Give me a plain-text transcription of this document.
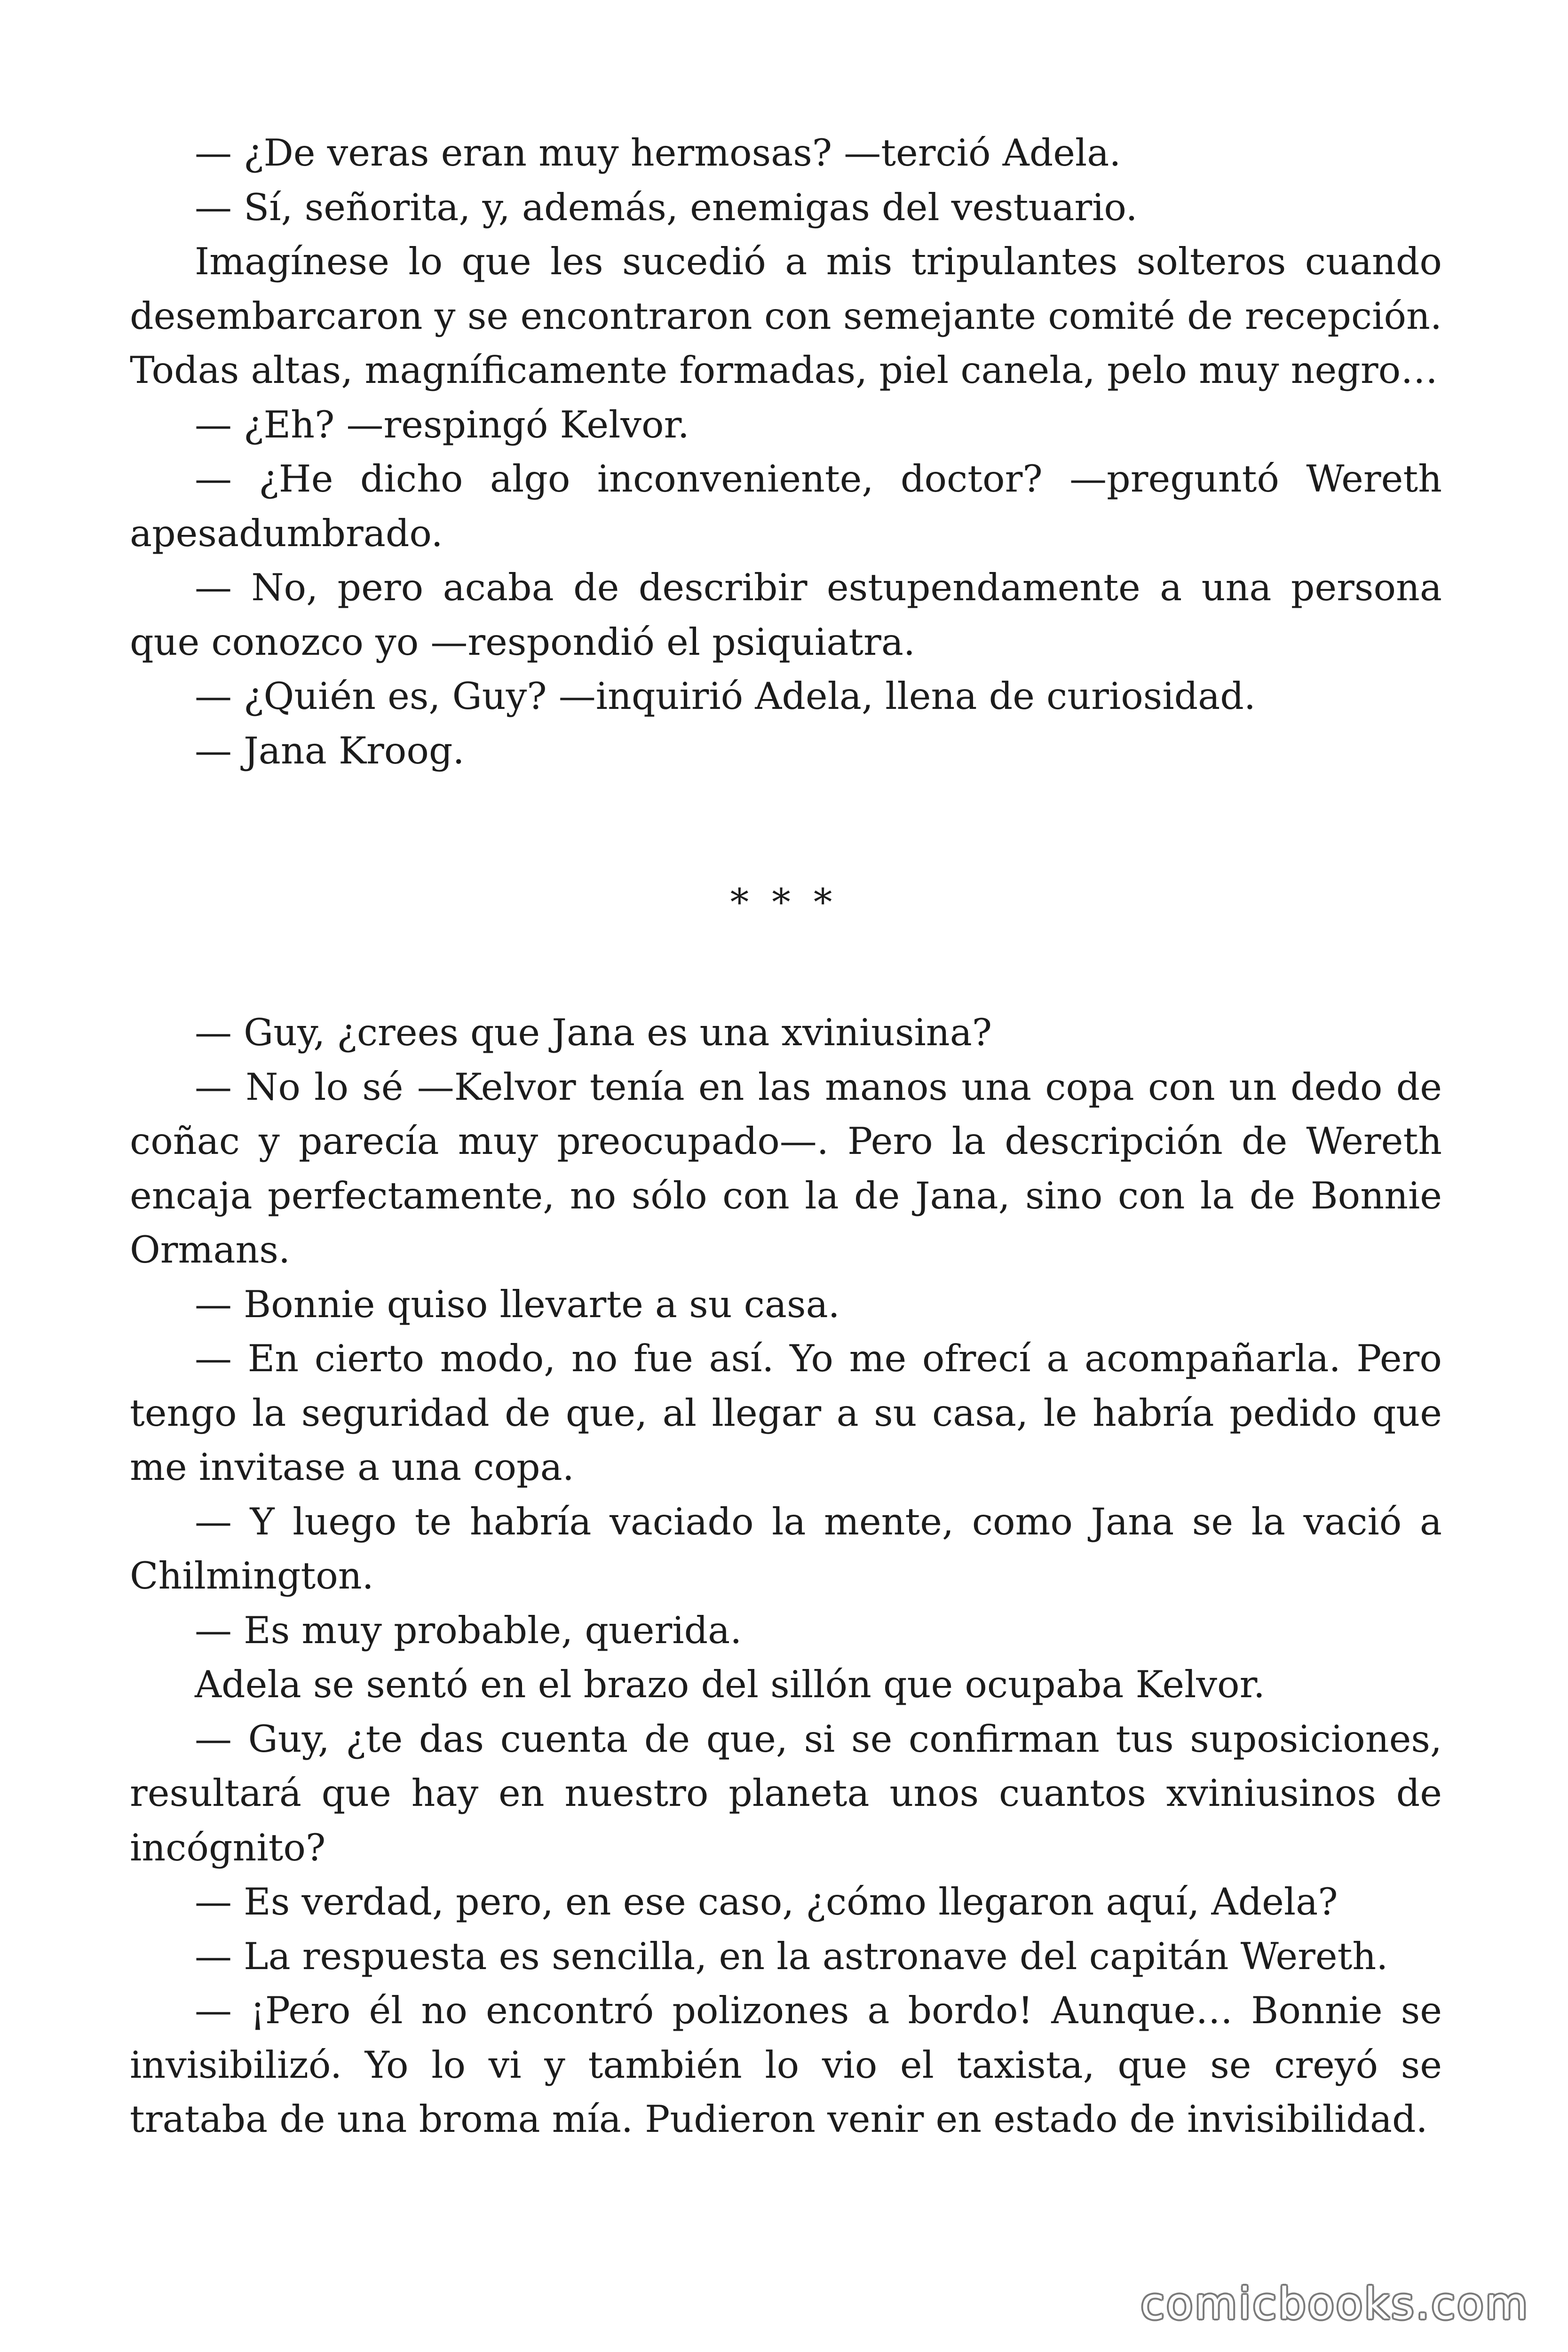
— ¿De veras eran muy hermosas? —terció Adela.

— Sí, señorita, y, además, enemigas del vestuario.

Imagínese lo que les sucedió a mis tripulantes solteros cuando desembarcaron y se encontraron con semejante comité de recepción. Todas altas, magníficamente formadas, piel canela, pelo muy negro…

— ¿Eh? —respingó Kelvor.

— ¿He dicho algo inconveniente, doctor? —preguntó Wereth apesadumbrado.

— No, pero acaba de describir estupendamente a una persona que conozco yo —respondió el psiquiatra.

— ¿Quién es, Guy? —inquirió Adela, llena de curiosidad.

— Jana Kroog.

* * *

— Guy, ¿crees que Jana es una xviniusina?

— No lo sé —Kelvor tenía en las manos una copa con un dedo de coñac y parecía muy preocupado—. Pero la descripción de Wereth encaja perfectamente, no sólo con la de Jana, sino con la de Bonnie Ormans.

— Bonnie quiso llevarte a su casa.

— En cierto modo, no fue así. Yo me ofrecí a acompañarla. Pero tengo la seguridad de que, al llegar a su casa, le habría pedido que me invitase a una copa.

— Y luego te habría vaciado la mente, como Jana se la vació a Chilmington.

— Es muy probable, querida.

Adela se sentó en el brazo del sillón que ocupaba Kelvor.

— Guy, ¿te das cuenta de que, si se confirman tus suposiciones, resultará que hay en nuestro planeta unos cuantos xviniusinos de incógnito?

— Es verdad, pero, en ese caso, ¿cómo llegaron aquí, Adela?

— La respuesta es sencilla, en la astronave del capitán Wereth.

— ¡Pero él no encontró polizones a bordo! Aunque… Bonnie se invisibilizó. Yo lo vi y también lo vio el taxista, que se creyó se trataba de una broma mía. Pudieron venir en estado de invisibilidad.

comicbooks.com
